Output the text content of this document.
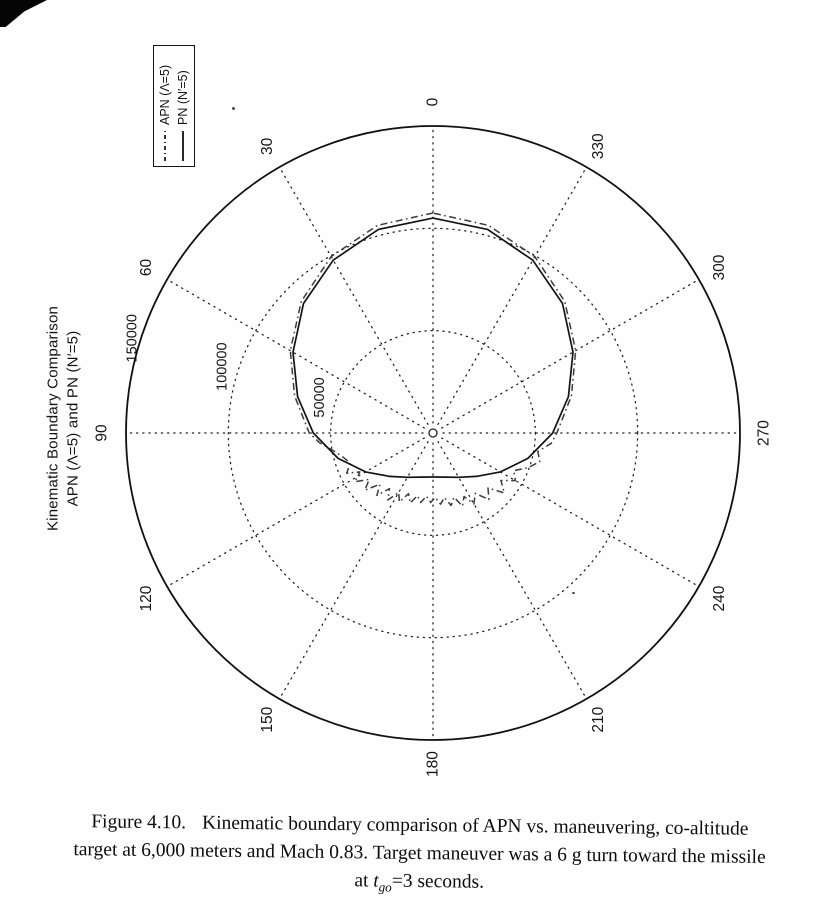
0
30
60
90
120
150
180
210
240
270
300
330
50000
100000
150000
Kinematic Boundary Comparison APN (Λ=5) and PN (N′=5)
APN (Λ=5) PN (N′=5)
Figure 4.10. Kinematic boundary comparison of APN vs. maneuvering, co-altitude
target at 6,000 meters and Mach 0.83. Target maneuver was a 6 g turn toward the missile
at $t_{go}=3$ seconds.
